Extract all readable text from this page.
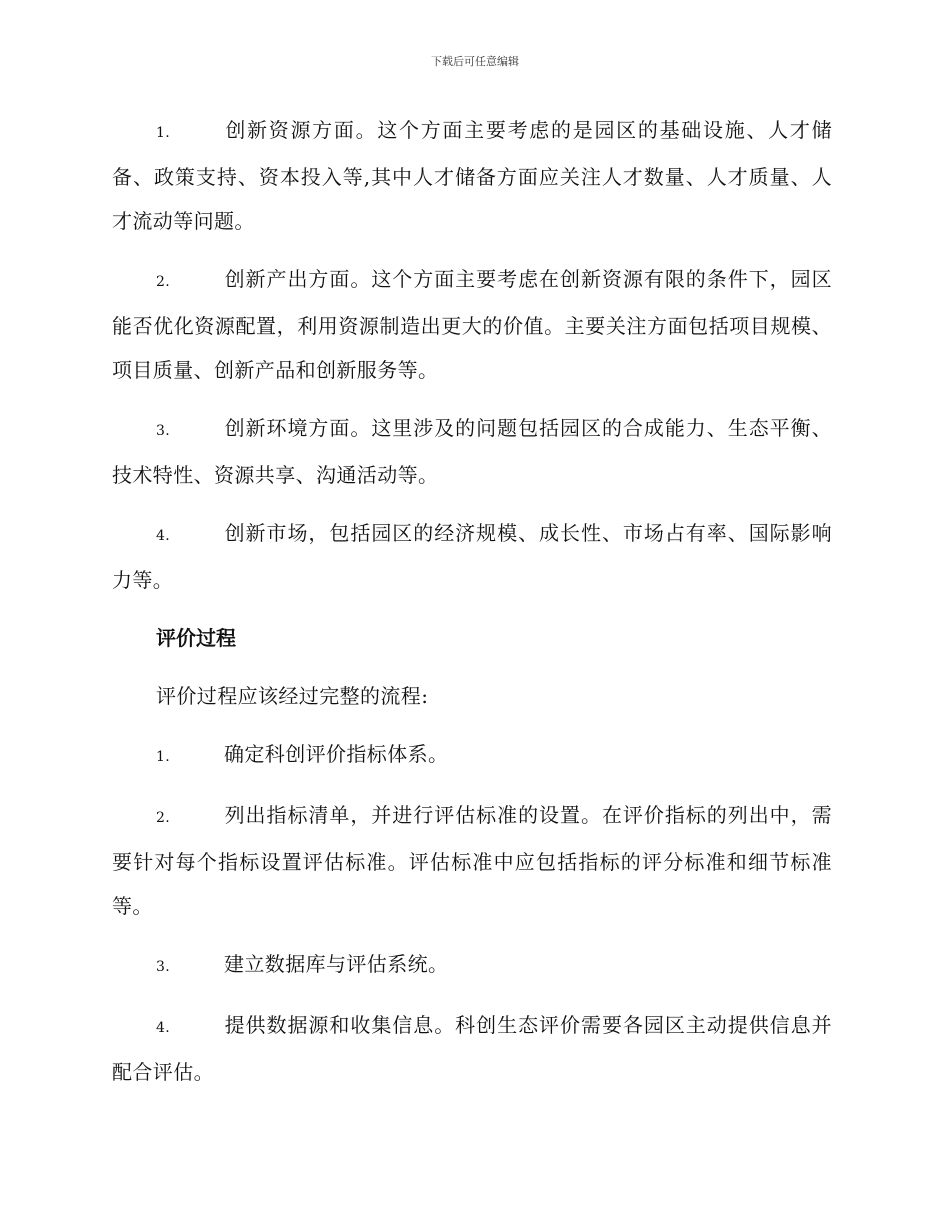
下载后可任意编辑

1.	创新资源方面。这个方面主要考虑的是园区的基础设施、人才储备、政策支持、资本投入等,其中人才储备方面应关注人才数量、人才质量、人才流动等问题。

2.	创新产出方面。这个方面主要考虑在创新资源有限的条件下，园区能否优化资源配置，利用资源制造出更大的价值。主要关注方面包括项目规模、项目质量、创新产品和创新服务等。

3.	创新环境方面。这里涉及的问题包括园区的合成能力、生态平衡、技术特性、资源共享、沟通活动等。

4.	创新市场，包括园区的经济规模、成长性、市场占有率、国际影响力等。

评价过程

评价过程应该经过完整的流程:

1.	确定科创评价指标体系。

2.	列出指标清单，并进行评估标准的设置。在评价指标的列出中，需要针对每个指标设置评估标准。评估标准中应包括指标的评分标准和细节标准等。

3.	建立数据库与评估系统。

4.	提供数据源和收集信息。科创生态评价需要各园区主动提供信息并配合评估。
